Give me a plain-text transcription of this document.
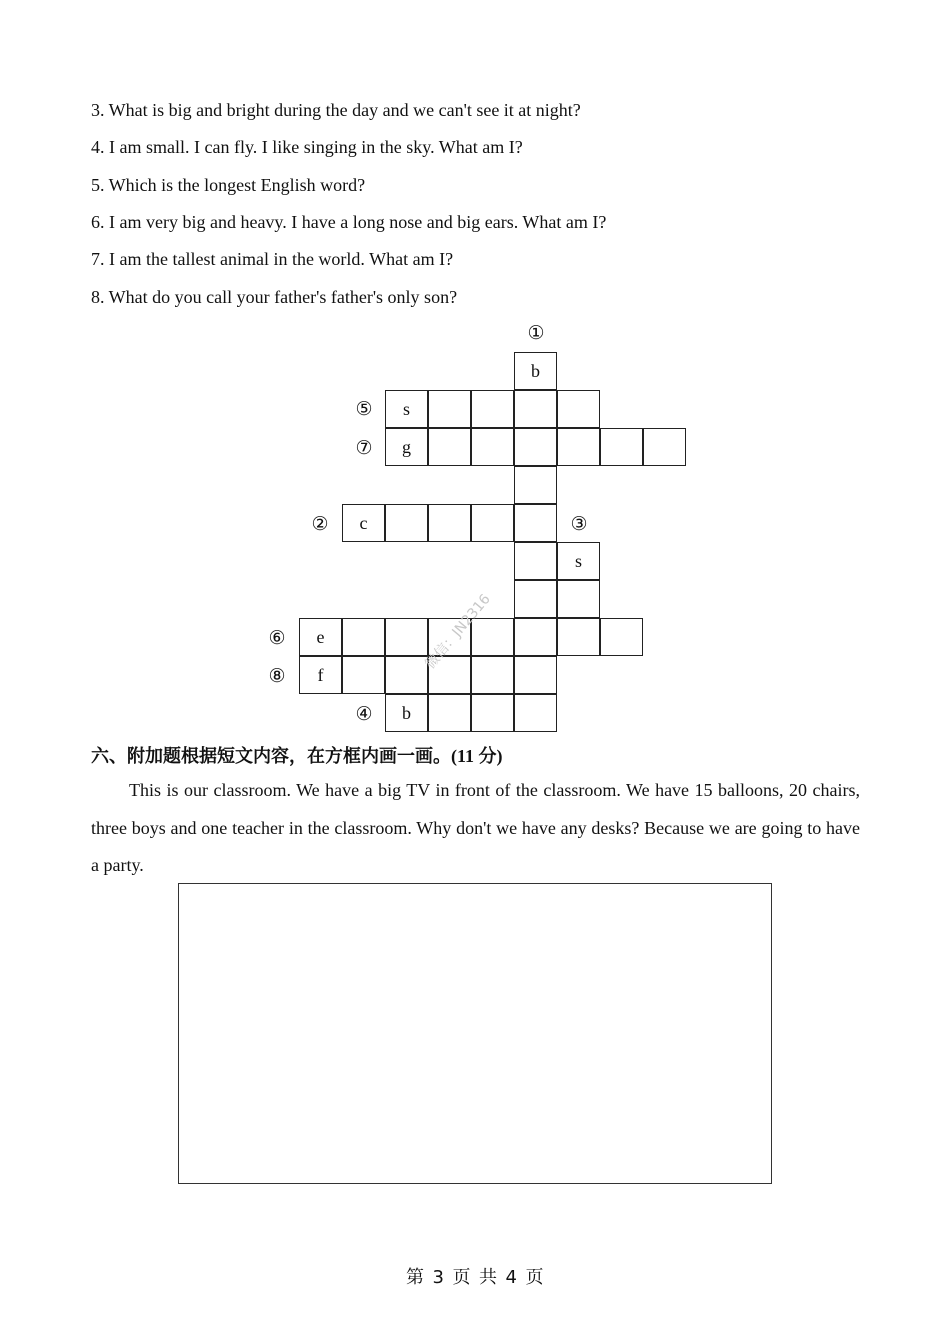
3. What is big and bright during the day and we can't see it at night?
4. I am small. I can fly. I like singing in the sky. What am I?
5. Which is the longest English word?
6. I am very big and heavy. I have a long nose and big ears. What am I?
7. I am the tallest animal in the world. What am I?
8. What do you call your father's father's only son?
①
⑤
⑦
②	③
⑥
⑧
④
b
s
g
c
s
e
f
b
微信：JN2316
六、附加题根据短文内容，在方框内画一画。(11 分)

This is our classroom. We have a big TV in front of the classroom. We have 15 balloons, 20 chairs, three boys and one teacher in the classroom. Why don't we have any desks? Because we are going to have a party.

第 3 页 共 4 页
